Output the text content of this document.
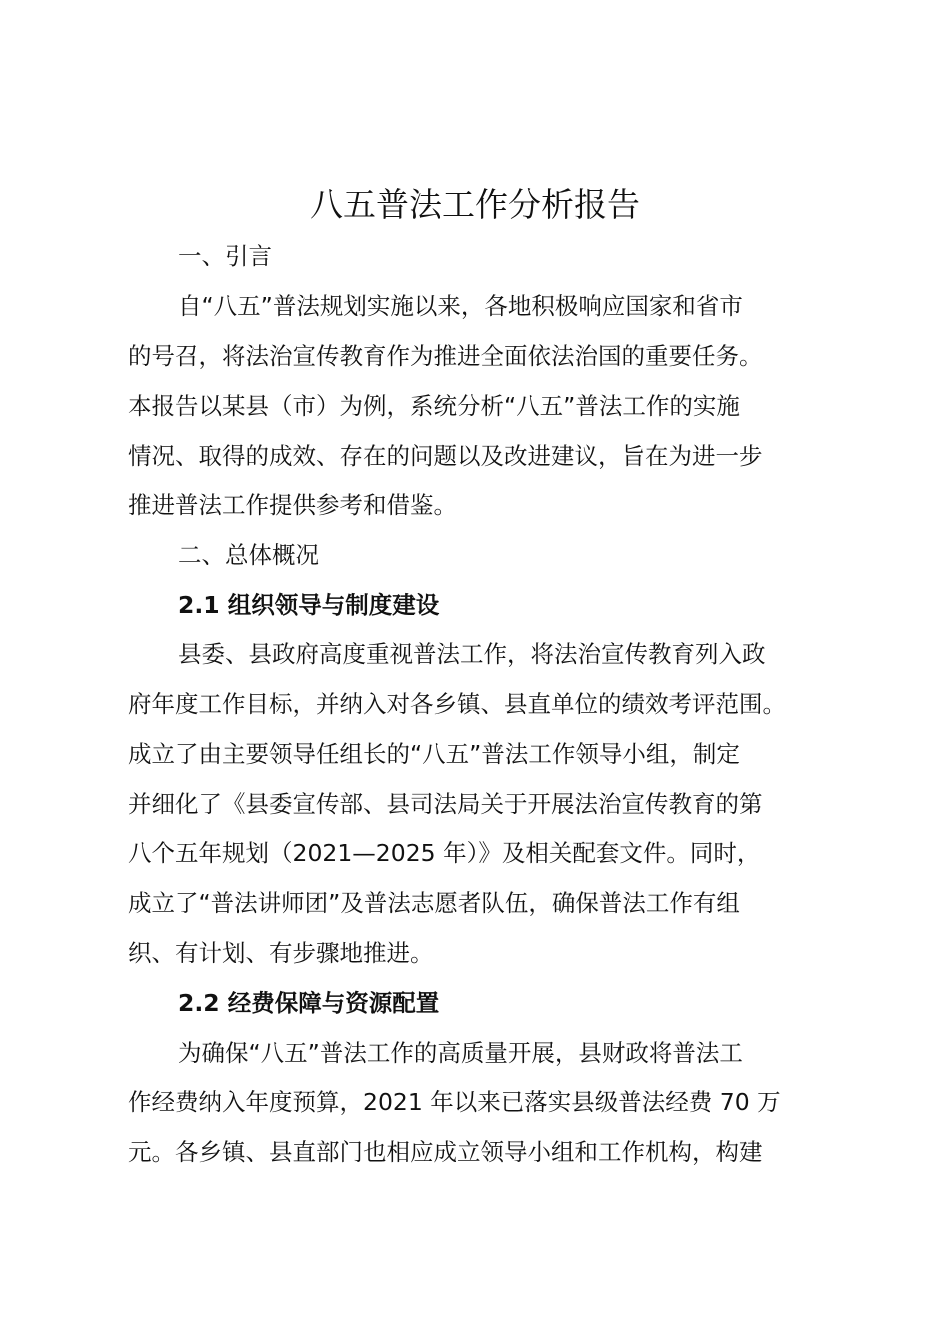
八五普法工作分析报告

一、引言

自“八五”普法规划实施以来，各地积极响应国家和省市

的号召，将法治宣传教育作为推进全面依法治国的重要任务。

本报告以某县（市）为例，系统分析“八五”普法工作的实施

情况、取得的成效、存在的问题以及改进建议，旨在为进一步

推进普法工作提供参考和借鉴。

二、总体概况

2.1 组织领导与制度建设

县委、县政府高度重视普法工作，将法治宣传教育列入政

府年度工作目标，并纳入对各乡镇、县直单位的绩效考评范围。

成立了由主要领导任组长的“八五”普法工作领导小组，制定

并细化了《县委宣传部、县司法局关于开展法治宣传教育的第

八个五年规划（2021—2025 年）》及相关配套文件。同时，

成立了“普法讲师团”及普法志愿者队伍，确保普法工作有组

织、有计划、有步骤地推进。

2.2 经费保障与资源配置

为确保“八五”普法工作的高质量开展，县财政将普法工

作经费纳入年度预算，2021 年以来已落实县级普法经费 70 万

元。各乡镇、县直部门也相应成立领导小组和工作机构，构建
